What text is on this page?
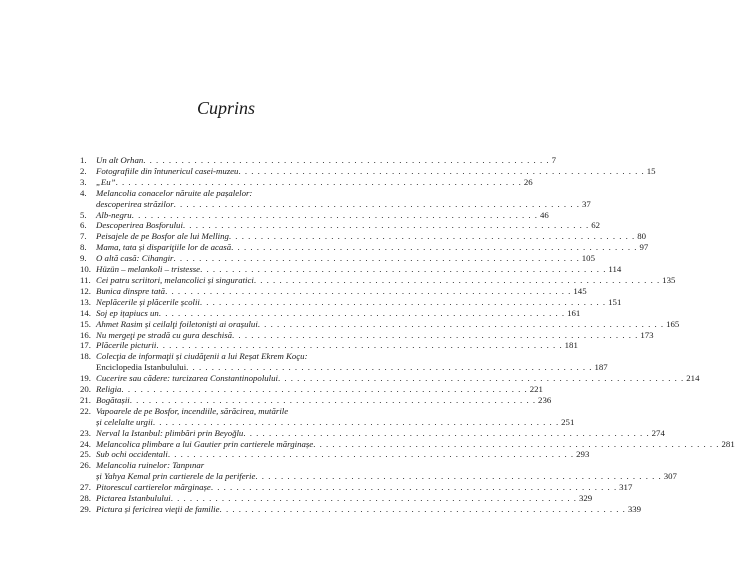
Cuprins
1.	Un alt Orhan . . . . . . . . . . . . . . . . . . . . . . . . . . . . . . . . . . . . . . . . . . . . . . . . . . . . . . . . . . . . . . . . 7
2.	Fotografiile din întunericul casei-muzeu . . . . . . . . . . . . . . . . . . . . . . . . . . . . . . . . . . . . . . . . . . . . . . . . . . . . . . . . . . . . . . . . 15
3.	„Eu” . . . . . . . . . . . . . . . . . . . . . . . . . . . . . . . . . . . . . . . . . . . . . . . . . . . . . . . . . . . . . . . . 26
4.	Melancolia conacelor năruite ale pașalelor:
descoperirea străzilor . . . . . . . . . . . . . . . . . . . . . . . . . . . . . . . . . . . . . . . . . . . . . . . . . . . . . . . . . . . . . . . . 37
5.	Alb-negru . . . . . . . . . . . . . . . . . . . . . . . . . . . . . . . . . . . . . . . . . . . . . . . . . . . . . . . . . . . . . . . . 46
6.	Descoperirea Bosforului . . . . . . . . . . . . . . . . . . . . . . . . . . . . . . . . . . . . . . . . . . . . . . . . . . . . . . . . . . . . . . . . 62
7.	Peisajele de pe Bosfor ale lui Melling . . . . . . . . . . . . . . . . . . . . . . . . . . . . . . . . . . . . . . . . . . . . . . . . . . . . . . . . . . . . . . . . 80
8.	Mama, tata și dispariţiile lor de acasă . . . . . . . . . . . . . . . . . . . . . . . . . . . . . . . . . . . . . . . . . . . . . . . . . . . . . . . . . . . . . . . . 97
9.	O altă casă: Cihangir . . . . . . . . . . . . . . . . . . . . . . . . . . . . . . . . . . . . . . . . . . . . . . . . . . . . . . . . . . . . . . . . 105
10. Hüzün – melankoli – tristesse . . . . . . . . . . . . . . . . . . . . . . . . . . . . . . . . . . . . . . . . . . . . . . . . . . . . . . . . . . . . . . . . 114
11. Cei patru scriitori, melancolici și singuratici . . . . . . . . . . . . . . . . . . . . . . . . . . . . . . . . . . . . . . . . . . . . . . . . . . . . . . . . . . . . . . . . 135
12. Bunica dinspre tată . . . . . . . . . . . . . . . . . . . . . . . . . . . . . . . . . . . . . . . . . . . . . . . . . . . . . . . . . . . . . . . . 145
13. Neplăcerile și plăcerile școlii . . . . . . . . . . . . . . . . . . . . . . . . . . . . . . . . . . . . . . . . . . . . . . . . . . . . . . . . . . . . . . . . 151
14. Soj ep ițapiucs un . . . . . . . . . . . . . . . . . . . . . . . . . . . . . . . . . . . . . . . . . . . . . . . . . . . . . . . . . . . . . . . . 161
15. Ahmet Rasim și ceilalţi foiletoniști ai orașului . . . . . . . . . . . . . . . . . . . . . . . . . . . . . . . . . . . . . . . . . . . . . . . . . . . . . . . . . . . . . . . . 165
16. Nu mergeţi pe stradă cu gura deschisă . . . . . . . . . . . . . . . . . . . . . . . . . . . . . . . . . . . . . . . . . . . . . . . . . . . . . . . . . . . . . . . . 173
17. Plăcerile picturii . . . . . . . . . . . . . . . . . . . . . . . . . . . . . . . . . . . . . . . . . . . . . . . . . . . . . . . . . . . . . . . . 181
18. Colecţia de informaţii și ciudăţenii a lui Reșat Ekrem Koçu:
Enciclopedia Istanbulului . . . . . . . . . . . . . . . . . . . . . . . . . . . . . . . . . . . . . . . . . . . . . . . . . . . . . . . . . . . . . . . . 187
19. Cucerire sau cădere: turcizarea Constantinopolului . . . . . . . . . . . . . . . . . . . . . . . . . . . . . . . . . . . . . . . . . . . . . . . . . . . . . . . . . . . . . . . . 214
20. Religia . . . . . . . . . . . . . . . . . . . . . . . . . . . . . . . . . . . . . . . . . . . . . . . . . . . . . . . . . . . . . . . . 221
21. Bogătașii . . . . . . . . . . . . . . . . . . . . . . . . . . . . . . . . . . . . . . . . . . . . . . . . . . . . . . . . . . . . . . . . 236
22. Vapoarele de pe Bosfor, incendiile, sărăcirea, mutările
și celelalte urgii . . . . . . . . . . . . . . . . . . . . . . . . . . . . . . . . . . . . . . . . . . . . . . . . . . . . . . . . . . . . . . . . 251
23. Nerval la Istanbul: plimbări prin Beyoğlu . . . . . . . . . . . . . . . . . . . . . . . . . . . . . . . . . . . . . . . . . . . . . . . . . . . . . . . . . . . . . . . . 274
24. Melancolica plimbare a lui Gautier prin cartierele mărginașe . . . . . . . . . . . . . . . . . . . . . . . . . . . . . . . . . . . . . . . . . . . . . . . . . . . . . . . . . . . . . . . . 281
25. Sub ochi occidentali . . . . . . . . . . . . . . . . . . . . . . . . . . . . . . . . . . . . . . . . . . . . . . . . . . . . . . . . . . . . . . . . 293
26. Melancolia ruinelor: Tanpınar
și Yahya Kemal prin cartierele de la periferie . . . . . . . . . . . . . . . . . . . . . . . . . . . . . . . . . . . . . . . . . . . . . . . . . . . . . . . . . . . . . . . . 307
27. Pitorescul cartierelor mărginașe . . . . . . . . . . . . . . . . . . . . . . . . . . . . . . . . . . . . . . . . . . . . . . . . . . . . . . . . . . . . . . . . 317
28. Pictarea Istanbulului . . . . . . . . . . . . . . . . . . . . . . . . . . . . . . . . . . . . . . . . . . . . . . . . . . . . . . . . . . . . . . . . 329
29. Pictura și fericirea vieţii de familie . . . . . . . . . . . . . . . . . . . . . . . . . . . . . . . . . . . . . . . . . . . . . . . . . . . . . . . . . . . . . . . . 339
